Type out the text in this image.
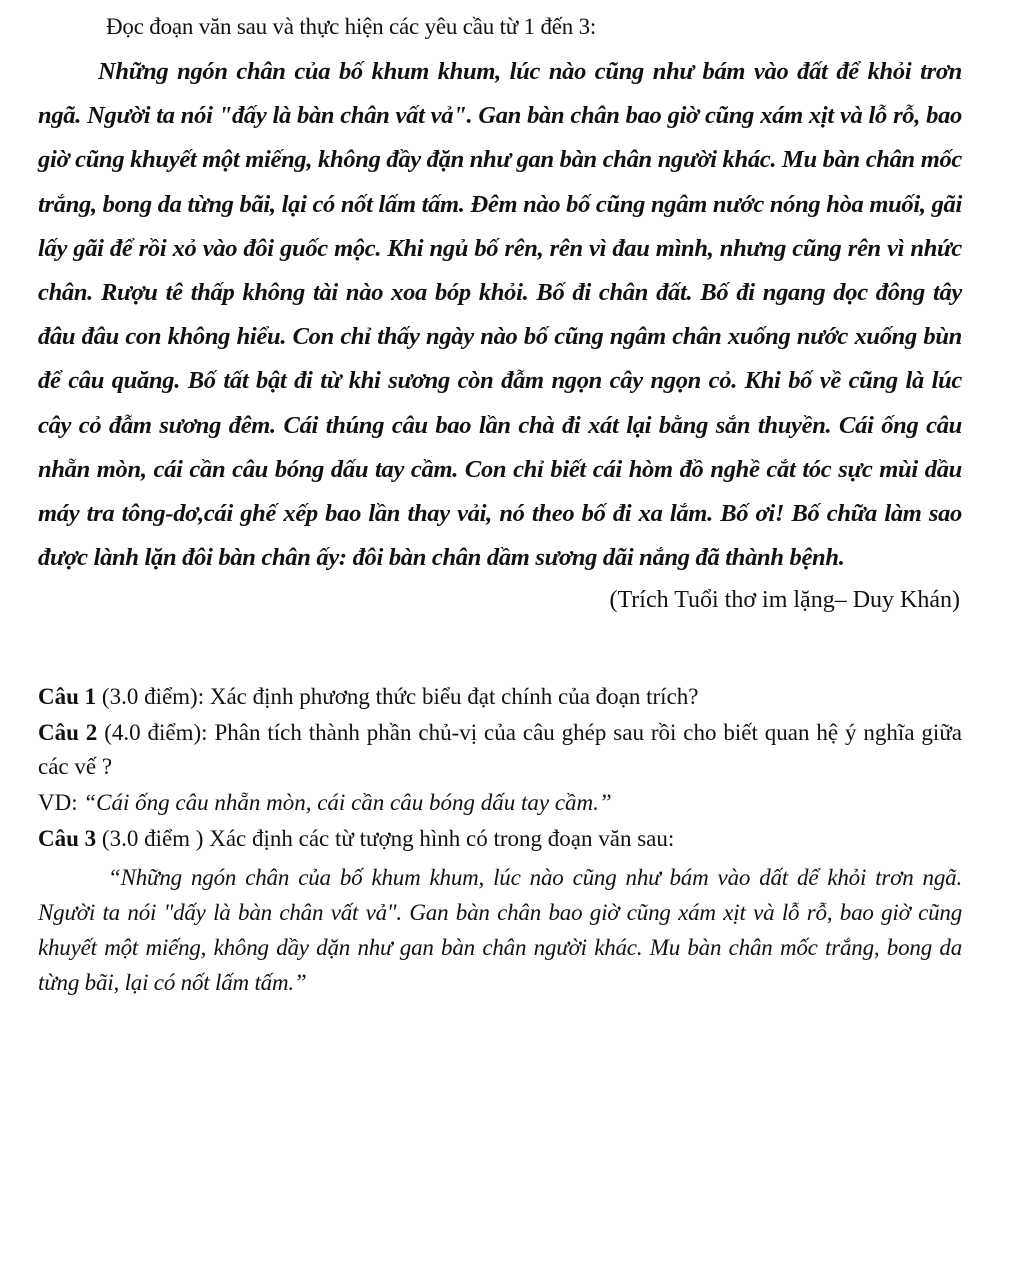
Đọc đoạn văn sau và thực hiện các yêu cầu từ 1 đến 3:

Những ngón chân của bố khum khum, lúc nào cũng như bám vào đất để khỏi trơn ngã. Người ta nói "đấy là bàn chân vất vả". Gan bàn chân bao giờ cũng xám xịt và lỗ rỗ, bao giờ cũng khuyết một miếng, không đầy đặn như gan bàn chân người khác. Mu bàn chân mốc trắng, bong da từng bãi, lại có nốt lấm tấm. Đêm nào bố cũng ngâm nước nóng hòa muối, gãi lấy gãi để rồi xỏ vào đôi guốc mộc. Khi ngủ bố rên, rên vì đau mình, nhưng cũng rên vì nhức chân. Rượu tê thấp không tài nào xoa bóp khỏi. Bố đi chân đất. Bố đi ngang dọc đông tây đâu đâu con không hiểu. Con chỉ thấy ngày nào bố cũng ngâm chân xuống nước xuống bùn để câu quăng. Bố tất bật đi từ khi sương còn đẫm ngọn cây ngọn cỏ. Khi bố về cũng là lúc cây cỏ đẫm sương đêm. Cái thúng câu bao lần chà đi xát lại bằng sắn thuyền. Cái ống câu nhẵn mòn, cái cần câu bóng dấu tay cầm. Con chỉ biết cái hòm đồ nghề cắt tóc sực mùi dầu máy tra tông-dơ,cái ghế xếp bao lần thay vải, nó theo bố đi xa lắm. Bố ơi! Bố chữa làm sao được lành lặn đôi bàn chân ấy: đôi bàn chân dầm sương dãi nắng đã thành bệnh.

(Trích Tuổi thơ im lặng– Duy Khán)

Câu 1 (3.0 điểm): Xác định phương thức biểu đạt chính của đoạn trích?

Câu 2 (4.0 điểm): Phân tích thành phần chủ-vị của câu ghép sau rồi cho biết quan hệ ý nghĩa giữa các vế ?

VD: “Cái ống câu nhẵn mòn, cái cần câu bóng dấu tay cầm.”

Câu 3 (3.0 điểm ) Xác định các từ tượng hình có trong đoạn văn sau:

“Những ngón chân của bố khum khum, lúc nào cũng như bám vào dất dể khỏi trơn ngã. Người ta nói "dấy là bàn chân vất vả". Gan bàn chân bao giờ cũng xám xịt và lỗ rỗ, bao giờ cũng khuyết một miếng, không dầy dặn như gan bàn chân người khác. Mu bàn chân mốc trắng, bong da từng bãi, lại có nốt lấm tấm.”
